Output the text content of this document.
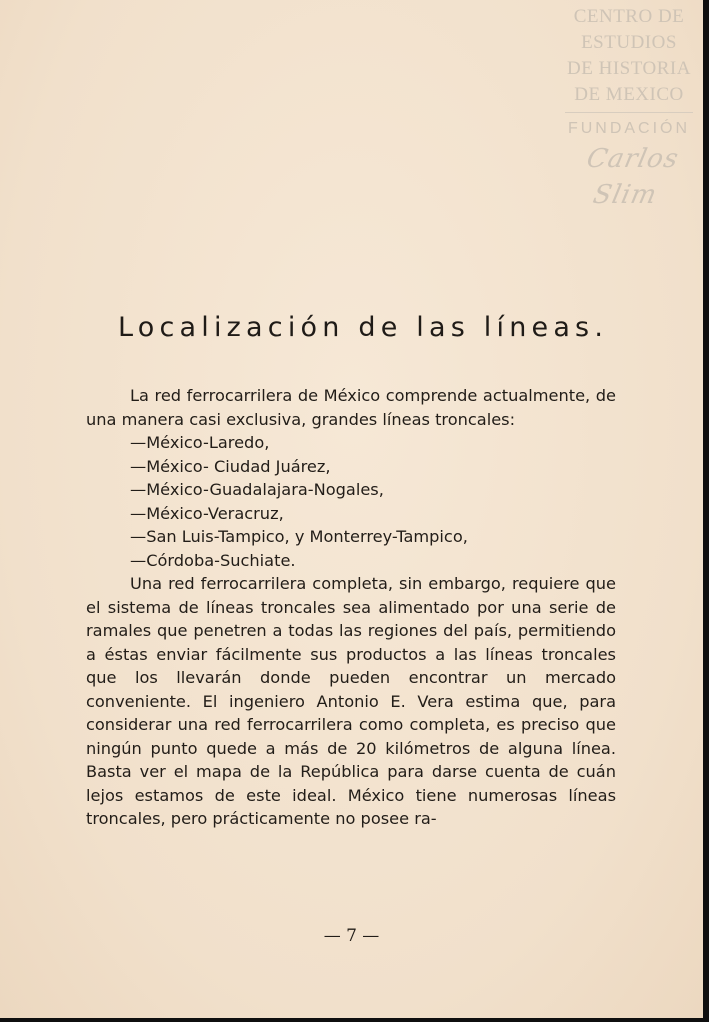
CENTRO DE
ESTUDIOS
DE HISTORIA
DE MEXICO
FUNDACIÓN
Carlos Slim
Localización de las líneas.

La red ferrocarrilera de México comprende actualmente, de una manera casi exclusiva, grandes líneas troncales:

—México-Laredo,
—México- Ciudad Juárez,
—México-Guadalajara-Nogales,
—México-Veracruz,
—San Luis-Tampico, y Monterrey-Tampico,
—Córdoba-Suchiate.

Una red ferrocarrilera completa, sin embargo, requiere que el sistema de líneas troncales sea alimentado por una serie de ramales que penetren a todas las regiones del país, permitiendo a éstas enviar fácilmente sus productos a las líneas troncales que los llevarán donde pueden encontrar un mercado conveniente. El ingeniero Antonio E. Vera estima que, para considerar una red ferrocarrilera como completa, es preciso que ningún punto quede a más de 20 kilómetros de alguna línea. Basta ver el mapa de la República para darse cuenta de cuán lejos estamos de este ideal. México tiene numerosas líneas troncales, pero prácticamente no posee ra-

— 7 —
